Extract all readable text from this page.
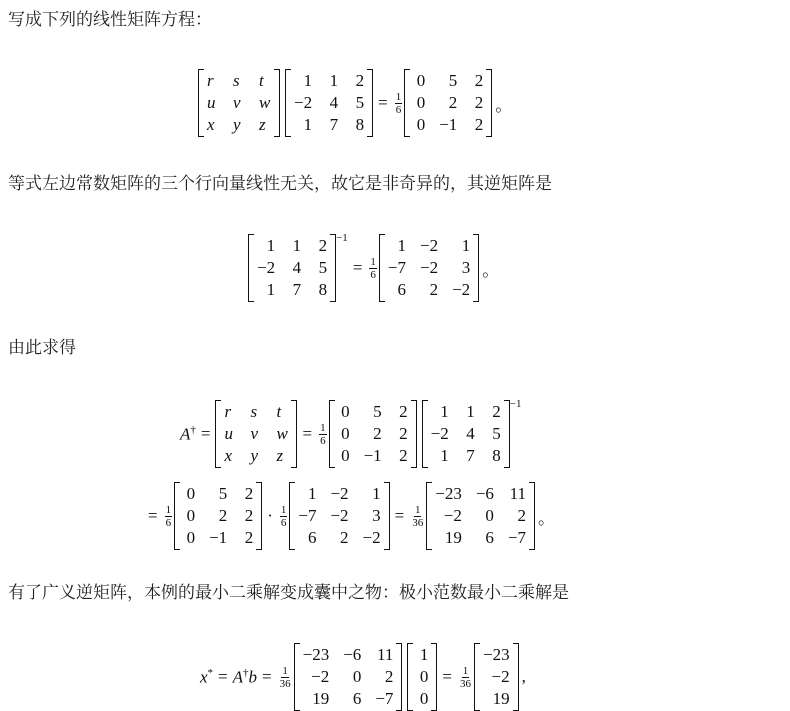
写成下列的线性矩阵方程：
r	s	t
u v w
x y z
1 1 2
−2 4 5
1 7 8
= $\frac{1}{6}$
0	5 2
0	2 2
0 −1 2
。
等式左边常数矩阵的三个行向量线性无关，故它是非奇异的，其逆矩阵是
1 1 2
−2 4 5
1 7 8
−1
= $\frac{1}{6}$
1 −2	1
−7 −2	3
6	2 −2
。
由此求得
A† =
r	s	t
u v w
x y z
= $\frac{1}{6}$
0	5 2
0	2 2
0 −1 2
1 1 2
−2 4 5
1 7 8
−1
= $\frac{1}{6}$
0	5 2
0	2 2
0 −1 2
· $\frac{1}{6}$
1 −2	1
−7 −2	3
6	2 −2
= $\frac{1}{36}$
−23 −6 11
−2	0	2
19	6 −7
。
有了广义逆矩阵，本例的最小二乘解变成囊中之物：极小范数最小二乘解是
$x^* = A^\dagger b = \frac{1}{36}$
−23 −6 11
−2	0	2
19	6 −7
1
0
0
= $\frac{1}{36}$
−23
−2
19
,
